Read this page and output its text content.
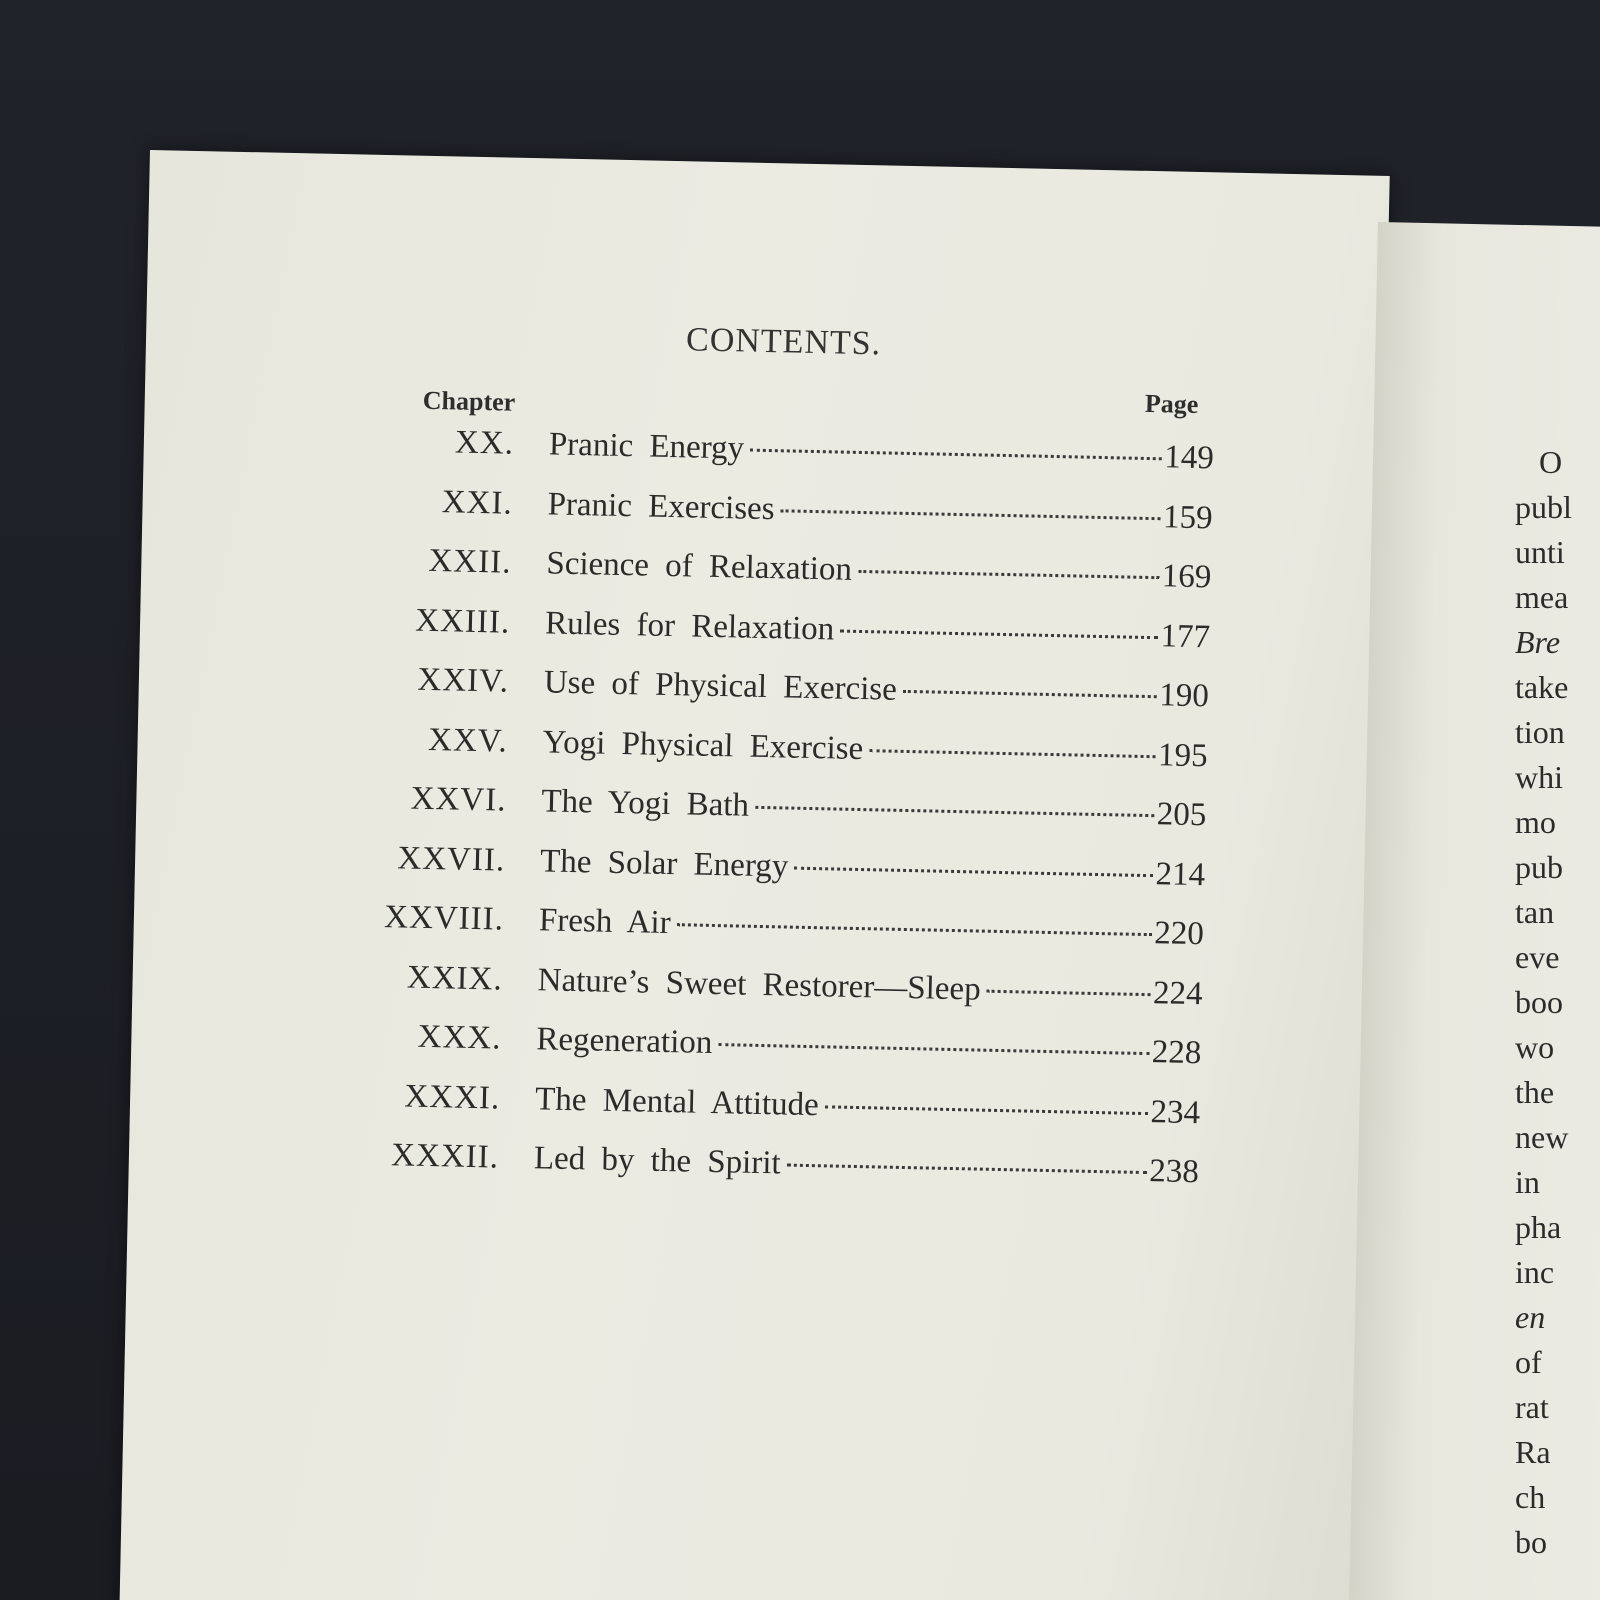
CONTENTS.
Chapter	Page
XX. Pranic Energy	149
XXI. Pranic Exercises	159
XXII. Science of Relaxation	169
XXIII. Rules for Relaxation	177
XXIV. Use of Physical Exercise	190
XXV. Yogi Physical Exercise	195
XXVI. The Yogi Bath	205
XXVII. The Solar Energy	214
XXVIII. Fresh Air	220
XXIX. Nature’s Sweet Restorer—Sleep	224
XXX. Regeneration	228
XXXI. The Mental Attitude	234
XXXII. Led by the Spirit	238
O
publ
unti
mea
Bre
take
tion
whi
mo
pub
tan
eve
boo
wo
the
new
in
pha
inc
en
of
rat
Ra
ch
bo
